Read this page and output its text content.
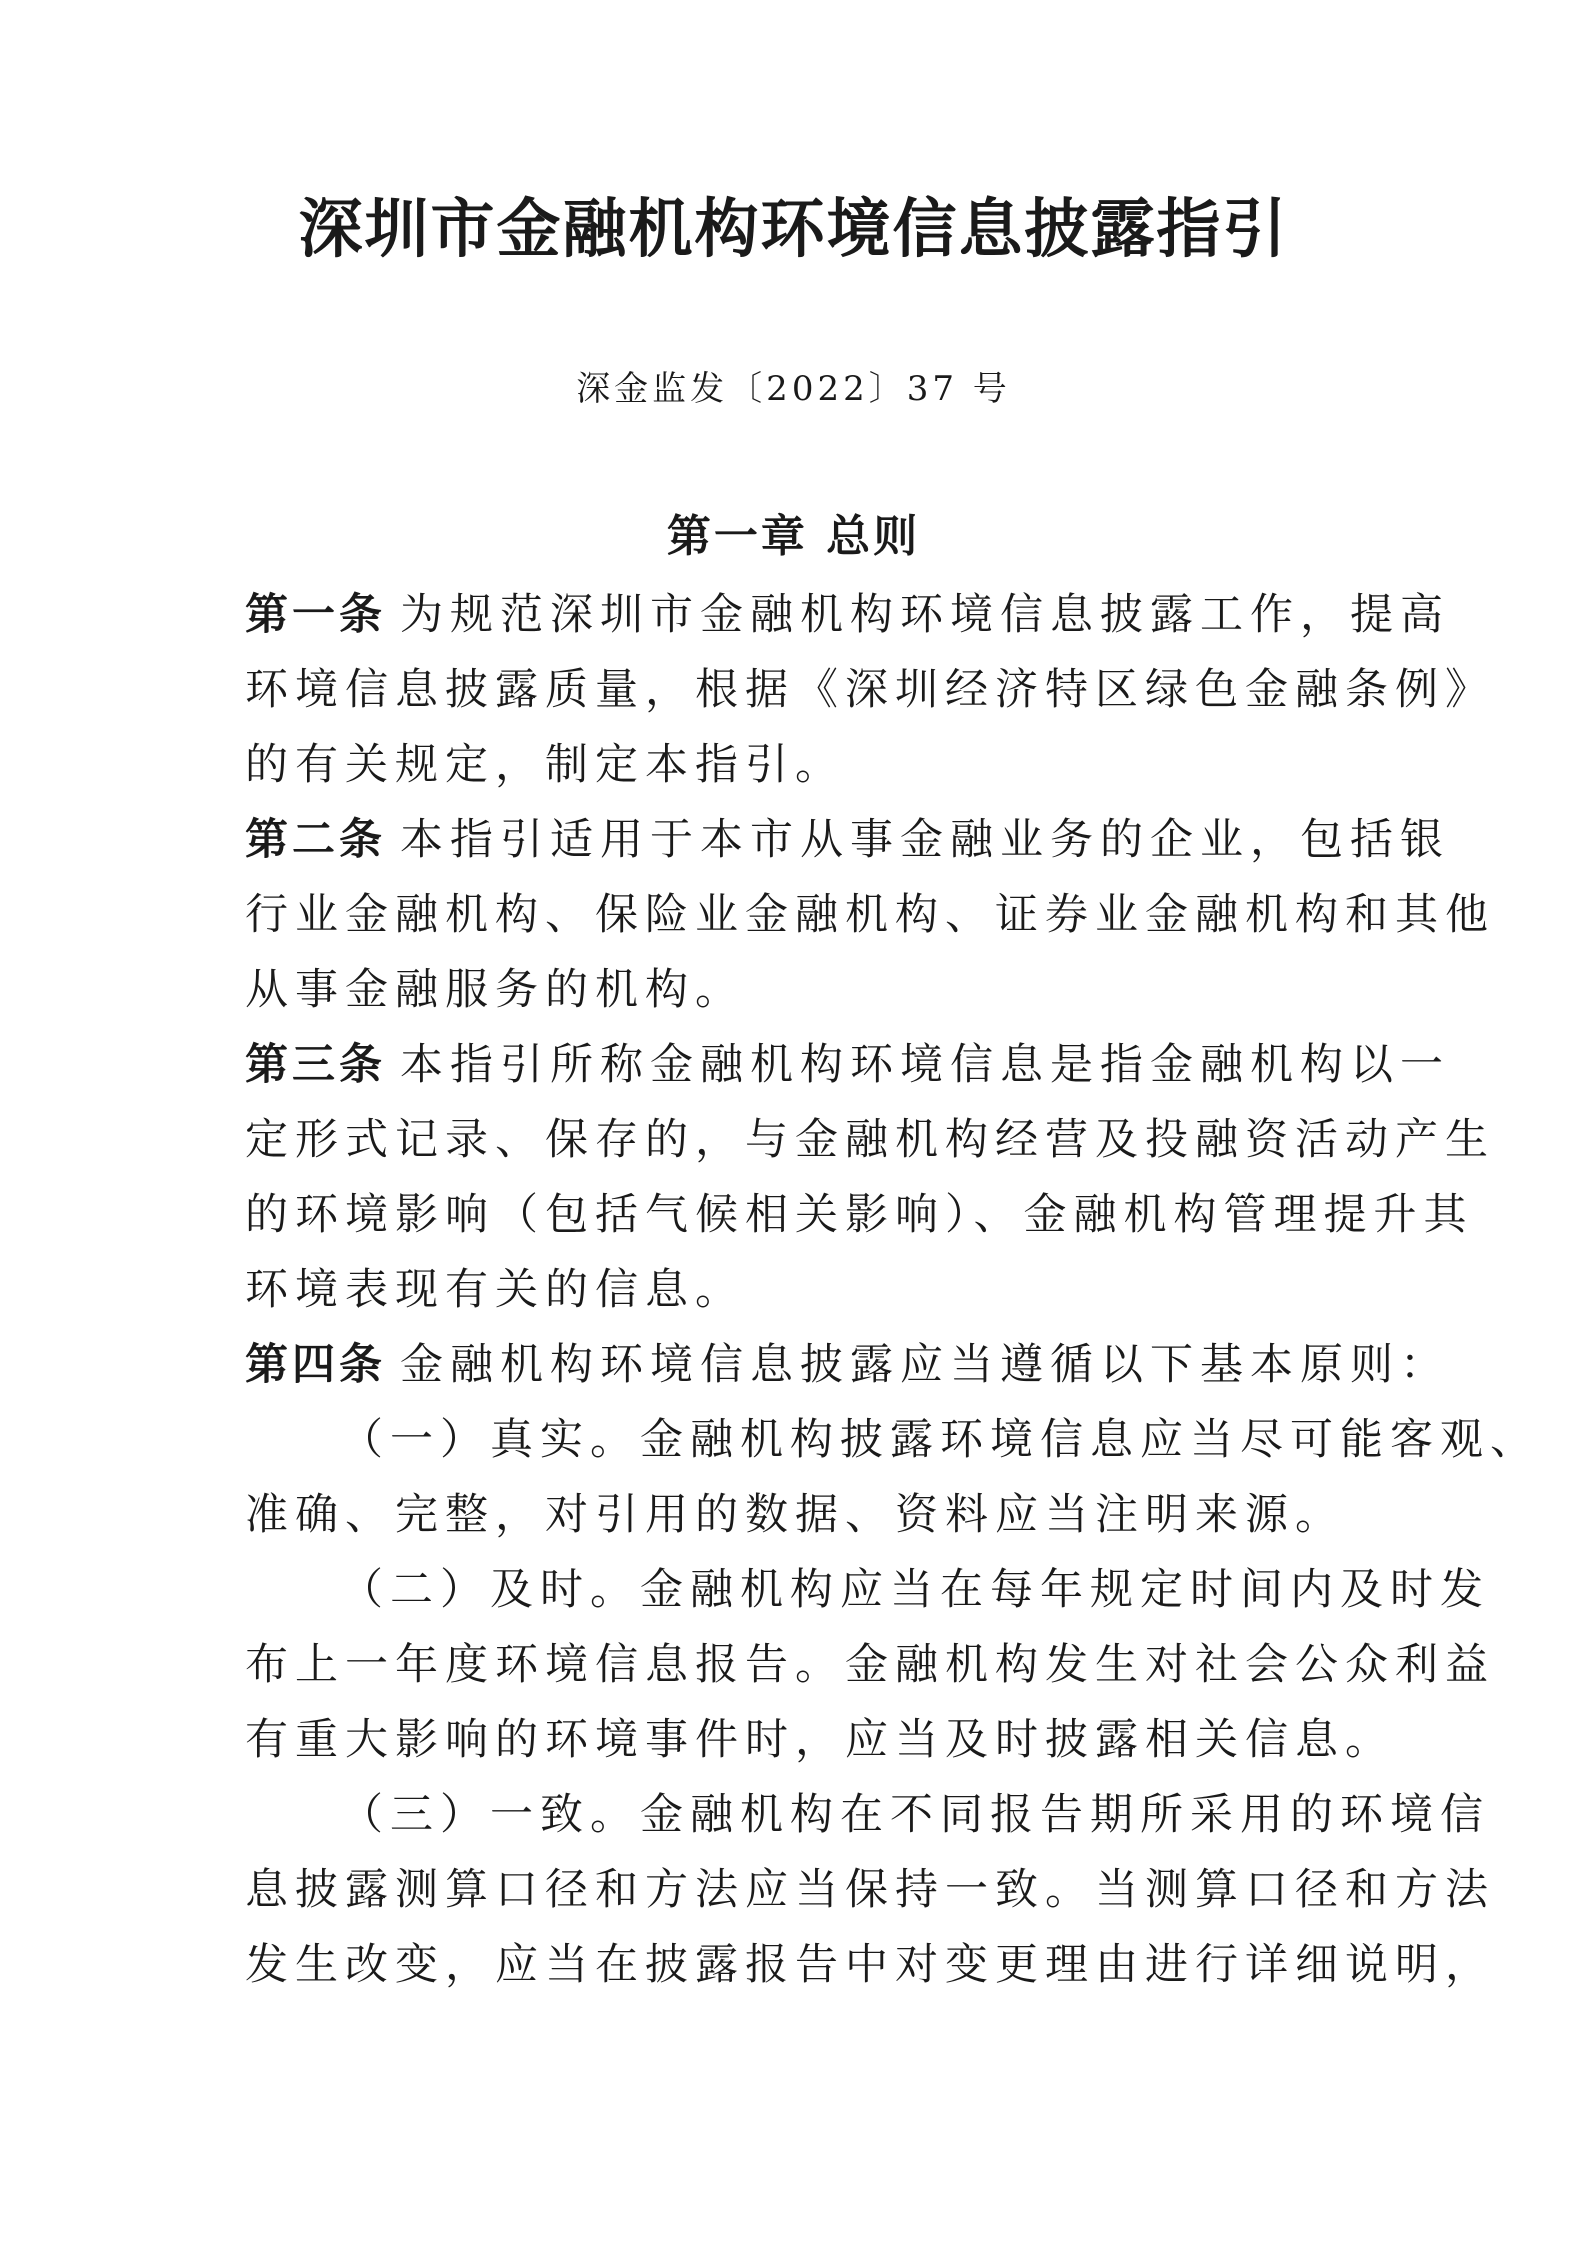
深圳市金融机构环境信息披露指引
深金监发〔2022〕37 号
第一章 总则
第一条 为规范深圳市金融机构环境信息披露工作，提高
环境信息披露质量，根据《深圳经济特区绿色金融条例》
的有关规定，制定本指引。
第二条 本指引适用于本市从事金融业务的企业，包括银
行业金融机构、保险业金融机构、证券业金融机构和其他
从事金融服务的机构。
第三条 本指引所称金融机构环境信息是指金融机构以一
定形式记录、保存的，与金融机构经营及投融资活动产生
的环境影响（包括气候相关影响）、金融机构管理提升其
环境表现有关的信息。
第四条 金融机构环境信息披露应当遵循以下基本原则：
（一）真实。金融机构披露环境信息应当尽可能客观、
准确、完整，对引用的数据、资料应当注明来源。
（二）及时。金融机构应当在每年规定时间内及时发
布上一年度环境信息报告。金融机构发生对社会公众利益
有重大影响的环境事件时，应当及时披露相关信息。
（三）一致。金融机构在不同报告期所采用的环境信
息披露测算口径和方法应当保持一致。当测算口径和方法
发生改变，应当在披露报告中对变更理由进行详细说明，
